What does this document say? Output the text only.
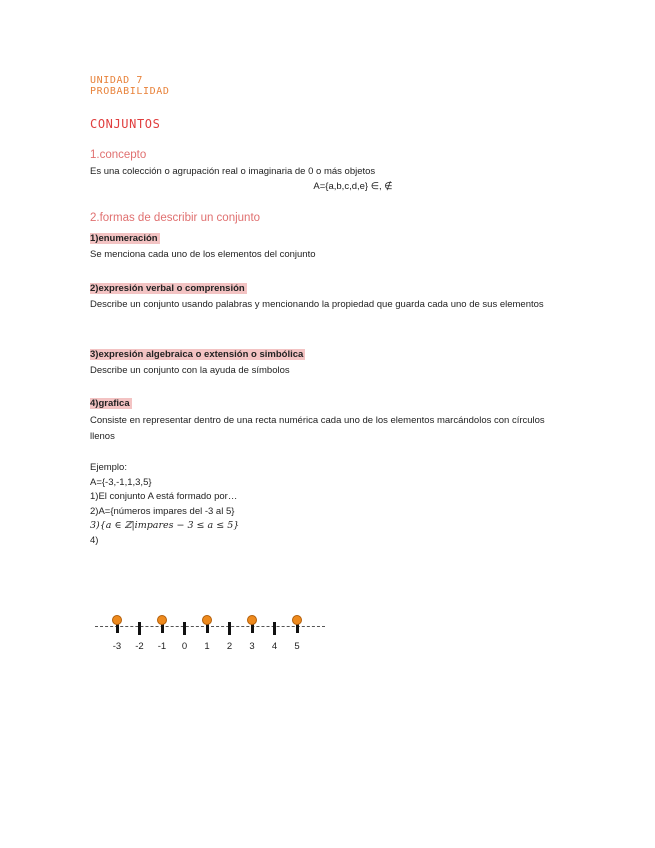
UNIDAD 7
PROBABILIDAD
CONJUNTOS
1.concepto
Es una colección o agrupación real o imaginaria de 0 o más objetos
A={a,b,c,d,e} ∈, ∉
2.formas de describir un conjunto
1)enumeración
Se menciona cada uno de los elementos del conjunto
2)expresión verbal o comprensión
Describe un conjunto usando palabras y mencionando la propiedad que guarda cada uno de sus elementos
3)expresión algebraica o extensión o simbólica
Describe un conjunto con la ayuda de símbolos
4)grafica
Consiste en representar dentro de una recta numérica cada uno de los elementos marcándolos con círculos llenos
Ejemplo:
A={-3,-1,1,3,5}
1)El conjunto A está formado por…
2)A={números impares del -3 al 5}
3){a ∈ ℤ|impares − 3 ≤ a ≤ 5}
4)
-3	-2	-1	0	1	2	3	4	5
